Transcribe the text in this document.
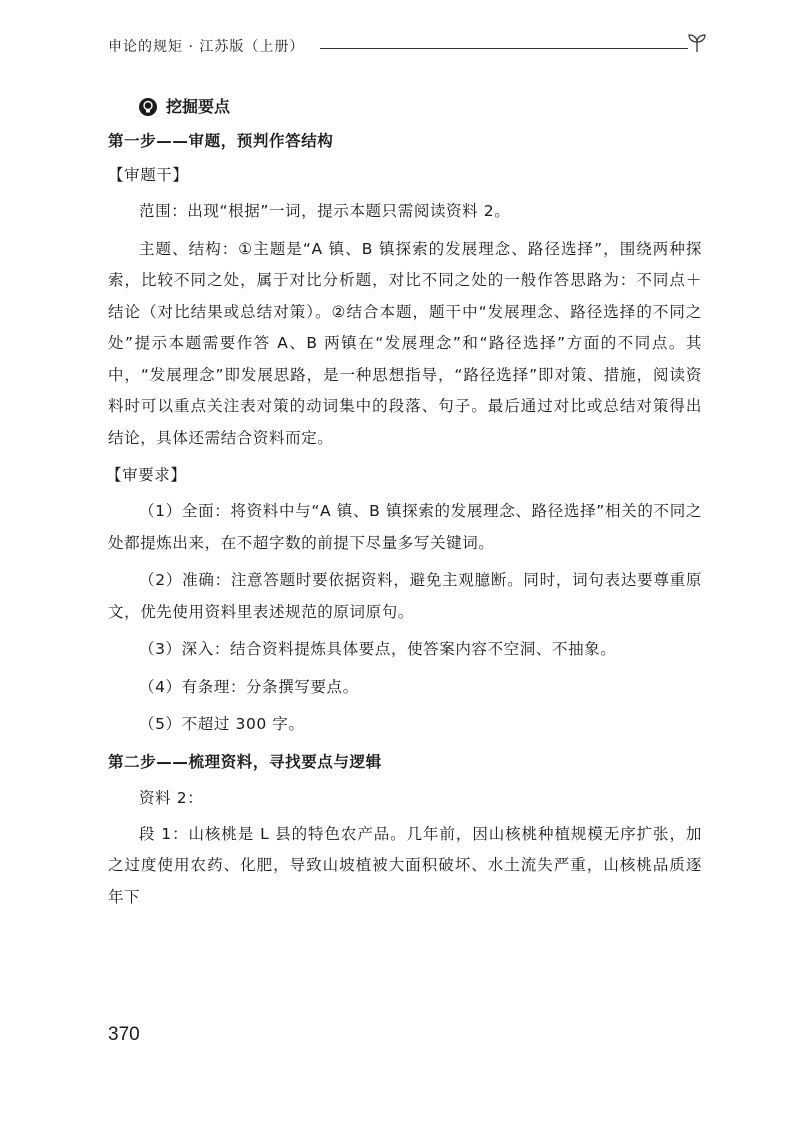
申论的规矩 · 江苏版（上册）
挖掘要点
第一步——审题，预判作答结构
【审题干】

范围：出现“根据”一词，提示本题只需阅读资料 2。

主题、结构：①主题是“A 镇、B 镇探索的发展理念、路径选择”，围绕两种探索，比较不同之处，属于对比分析题，对比不同之处的一般作答思路为：不同点＋结论（对比结果或总结对策）。②结合本题，题干中“发展理念、路径选择的不同之处”提示本题需要作答 A、B 两镇在“发展理念”和“路径选择”方面的不同点。其中，“发展理念”即发展思路，是一种思想指导，“路径选择”即对策、措施，阅读资料时可以重点关注表对策的动词集中的段落、句子。最后通过对比或总结对策得出结论，具体还需结合资料而定。

【审要求】

（1）全面：将资料中与“A 镇、B 镇探索的发展理念、路径选择”相关的不同之处都提炼出来，在不超字数的前提下尽量多写关键词。

（2）准确：注意答题时要依据资料，避免主观臆断。同时，词句表达要尊重原文，优先使用资料里表述规范的原词原句。

（3）深入：结合资料提炼具体要点，使答案内容不空洞、不抽象。

（4）有条理：分条撰写要点。

（5）不超过 300 字。

第二步——梳理资料，寻找要点与逻辑
资料 2：

段 1：山核桃是 L 县的特色农产品。几年前，因山核桃种植规模无序扩张，加之过度使用农药、化肥，导致山坡植被大面积破坏、水土流失严重，山核桃品质逐年下

370
